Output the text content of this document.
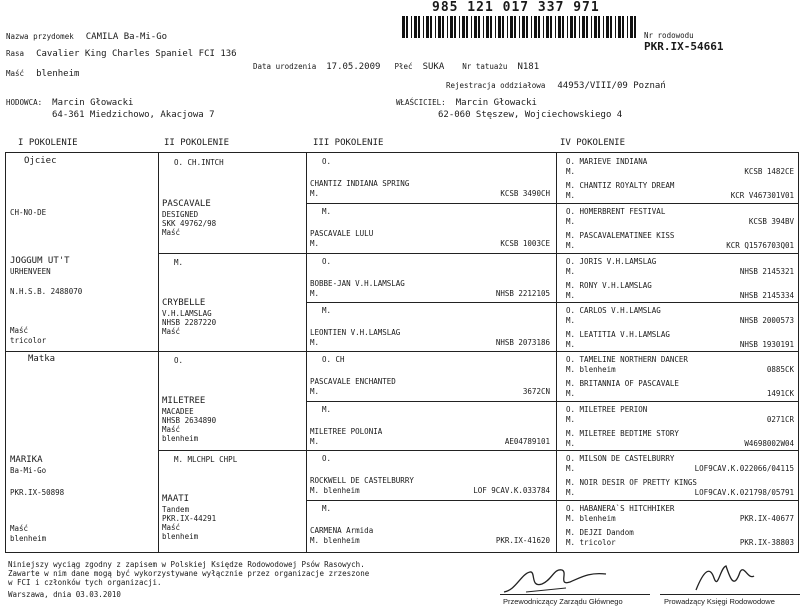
985 121 017 337 971
Nazwa przydomek CAMILA Ba-Mi-Go
Rasa Cavalier King Charles Spaniel FCI 136
Data urodzenia 17.05.2009 Płeć SUKA Nr tatuażu N181
Nr rodowodu
PKR.IX-54661
Maść blenheim
Rejestracja oddziałowa 44953/VIII/09 Poznań
HODOWCA: Marcin Głowacki
64-361 Miedzichowo, Akacjowa 7
WŁAŚCICIEL: Marcin Głowacki
62-060 Stęszew, Wojciechowskiego 4
I POKOLENIE	II POKOLENIE	III POKOLENIE	IV POKOLENIE
Ojciec
CH-NO-DE
JOGGUM UT'T
URHENVEEN
N.H.S.B. 2488070
Maść
tricolor
Matka
MARIKA
Ba-Mi-Go
PKR.IX-50898
Maść
blenheim
O. CH.INTCH
PASCAVALE
DESIGNED
SKK 49762/98
Maść
M.
CRYBELLE
V.H.LAMSLAG
NHSB 2287220
Maść
O.
MILETREE
MACADEE
NHSB 2634890
Maść
blenheim
M. MLCHPL CHPL
MAATI
Tandem
PKR.IX-44291
Maść
blenheim
O.
CHANTIZ INDIANA SPRING
M.	KCSB 3490CH
M.
PASCAVALE LULU
M.	KCSB 1003CE
O.
BOBBE-JAN V.H.LAMSLAG
M.	NHSB 2212105
M.
LEONTIEN V.H.LAMSLAG
M.	NHSB 2073186
O. CH
PASCAVALE ENCHANTED
M.	3672CN
M.
MILETREE POLONIA
M.	AE04789101
O.
ROCKWELL DE CASTELBURRY
M. blenheim	LOF 9CAV.K.033784
M.
CARMENA Armida
M. blenheim	PKR.IX-41620
O. MARIEVE INDIANA
M.	KCSB 1482CE
M. CHANTIZ ROYALTY DREAM
M.	KCR V467301V01
O. HOMERBRENT FESTIVAL
M.	KCSB 394BV
M. PASCAVALEMATINEE KISS
M.	KCR Q1576703Q01
O. JORIS V.H.LAMSLAG
M.	NHSB 2145321
M. RONY V.H.LAMSLAG
M.	NHSB 2145334
O. CARLOS V.H.LAMSLAG
M.	NHSB 2000573
M. LEATITIA V.H.LAMSLAG
M.	NHSB 1930191
O. TAMELINE NORTHERN DANCER
M. blenheim	0885CK
M. BRITANNIA OF PASCAVALE
M.	1491CK
O. MILETREE PERION
M.	0271CR
M. MILETREE BEDTIME STORY
M.	W4698002W04
O. MILSON DE CASTELBURRY
M.	LOF9CAV.K.022066/04115
M. NOIR DESIR OF PRETTY KINGS
M.	LOF9CAV.K.021798/05791
O. HABANERA`S HITCHHIKER
M. blenheim	PKR.IX-40677
M. DEJZI Dandom
M. tricolor	PKR.IX-38803
Niniejszy wyciąg zgodny z zapisem w Polskiej Księdze Rodowodowej Psów Rasowych.
Zawarte w nim dane mogą być wykorzystywane wyłącznie przez organizacje zrzeszone
w FCI i członków tych organizacji.
Warszawa, dnia 03.03.2010
Przewodniczący Zarządu Głównego	Prowadzący Księgi Rodowodowe
